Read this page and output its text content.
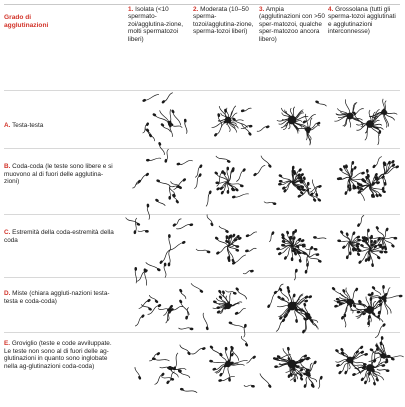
Grado di agglutinazioni
1. Isolata (<10 spermato-zoi/agglutina-zione, molti spermatozoi liberi)
2. Moderata (10–50 sperma-tozoi/agglutina-zione, sperma-tozoi liberi)
3. Ampia (agglutinazioni con >50 sper-matozoi, qualche sper-matozoo ancora libero)
4. Grossolana (tutti gli sperma-tozoi agglutinati e agglutinazioni interconnesse)
A. Testa-testa
B. Coda-coda (le teste sono libere e si muovono al di fuori delle agglutina-zioni)
C. Estremità della coda-estremità della coda
D. Miste (chiara aggluti-nazioni testa-testa e coda-coda)
E. Groviglio (teste e code avviluppate. Le teste non sono al di fuori delle ag-glutinazioni in quanto sono inglobate nella ag-glutinazioni coda-coda)
